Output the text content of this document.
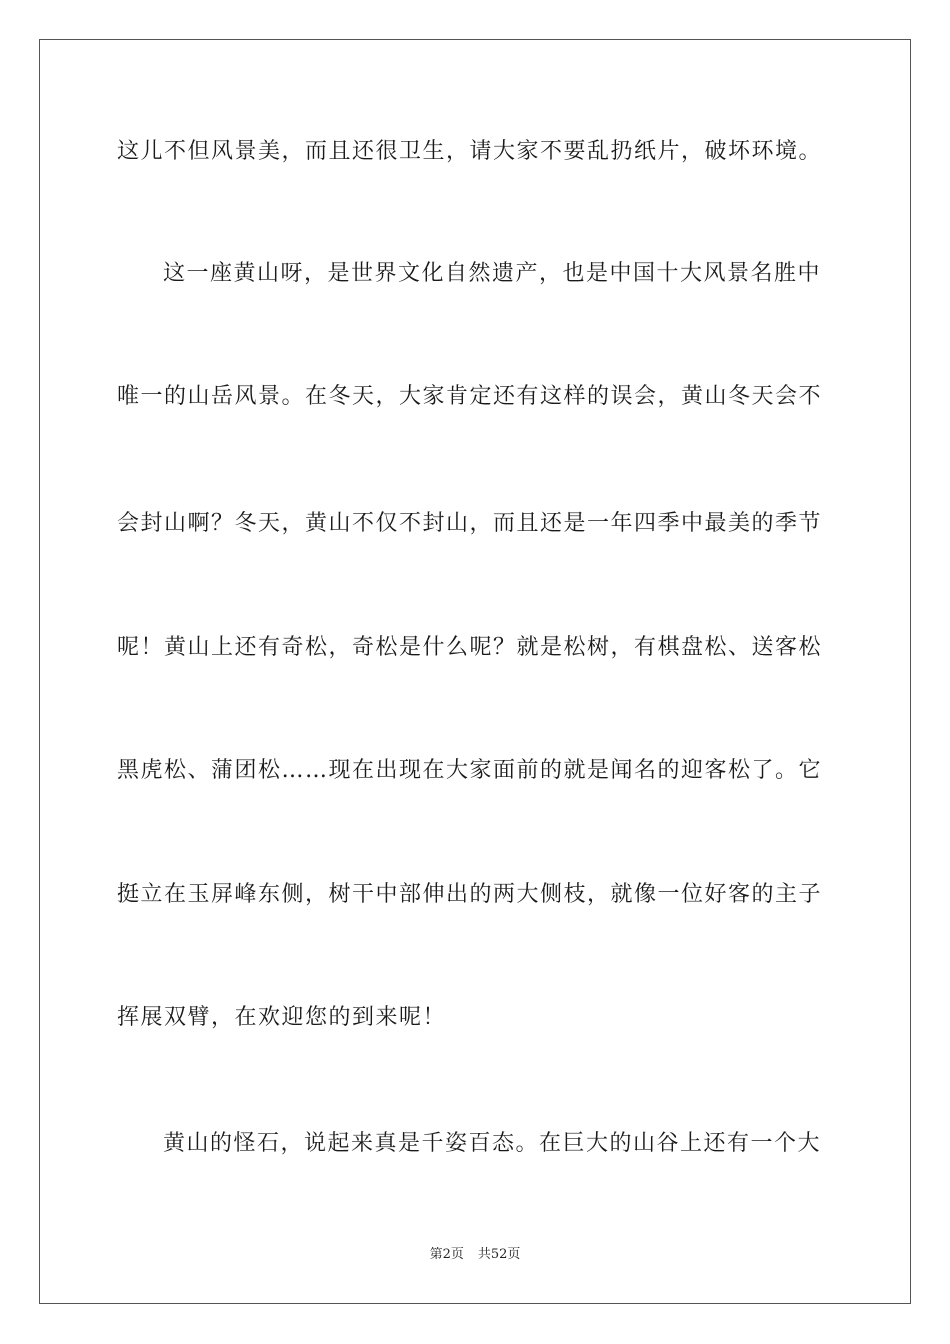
这儿不但风景美，而且还很卫生，请大家不要乱扔纸片，破坏环境。
这一座黄山呀，是世界文化自然遗产，也是中国十大风景名胜中
唯一的山岳风景。在冬天，大家肯定还有这样的误会，黄山冬天会不
会封山啊？冬天，黄山不仅不封山，而且还是一年四季中最美的季节
呢！黄山上还有奇松，奇松是什么呢？就是松树，有棋盘松、送客松
黑虎松、蒲团松……现在出现在大家面前的就是闻名的迎客松了。它
挺立在玉屏峰东侧，树干中部伸出的两大侧枝，就像一位好客的主子
挥展双臂，在欢迎您的到来呢！
黄山的怪石，说起来真是千姿百态。在巨大的山谷上还有一个大
第2页 共52页
